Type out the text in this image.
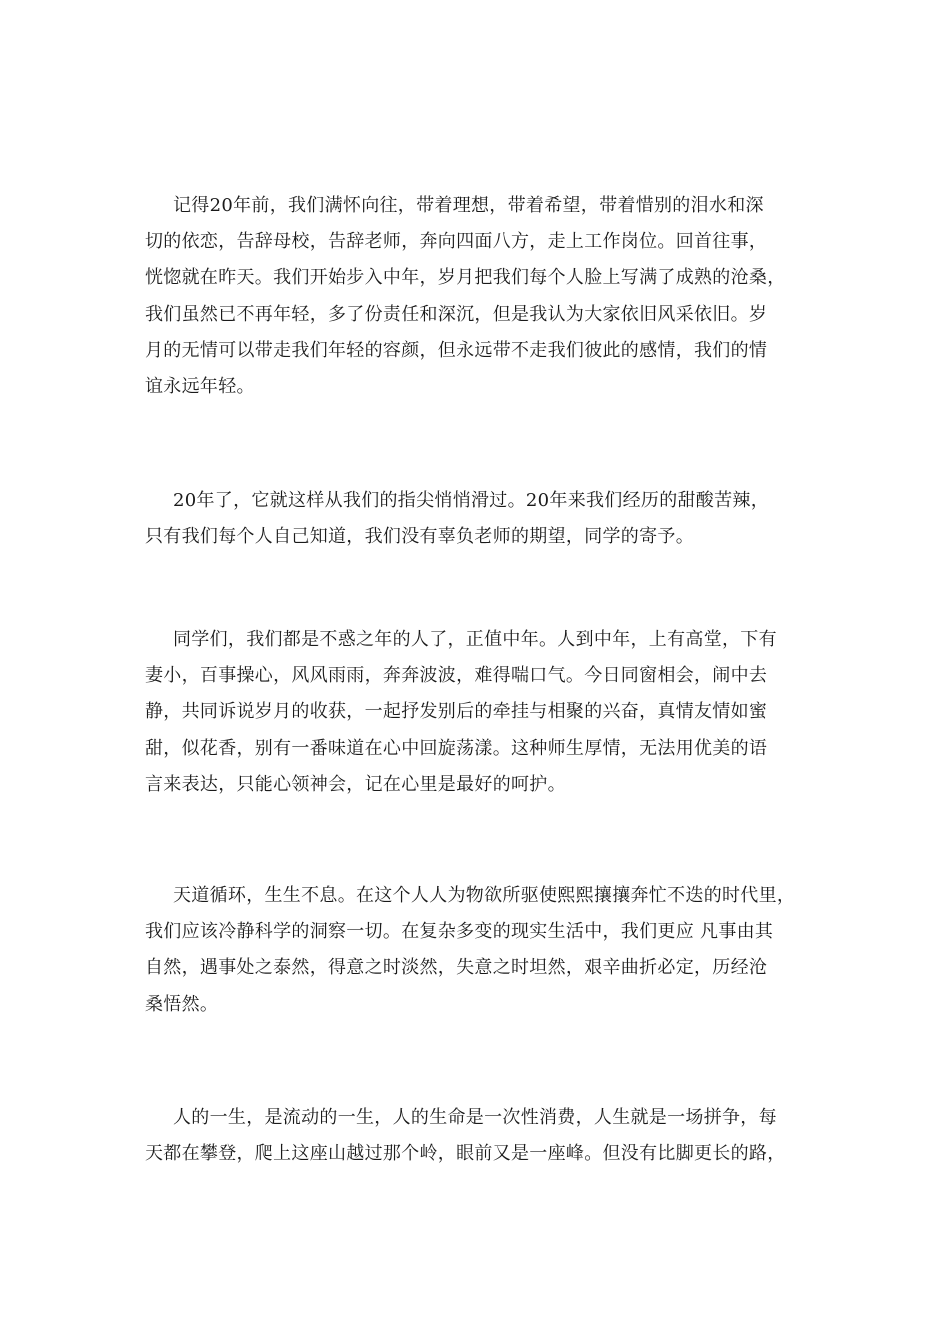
记得20年前，我们满怀向往，带着理想，带着希望，带着惜别的泪水和深
切的依恋，告辞母校，告辞老师，奔向四面八方，走上工作岗位。回首往事，
恍惚就在昨天。我们开始步入中年，岁月把我们每个人脸上写满了成熟的沧桑，
我们虽然已不再年轻，多了份责任和深沉，但是我认为大家依旧风采依旧。岁
月的无情可以带走我们年轻的容颜，但永远带不走我们彼此的感情，我们的情
谊永远年轻。

20年了，它就这样从我们的指尖悄悄滑过。20年来我们经历的甜酸苦辣，
只有我们每个人自己知道，我们没有辜负老师的期望，同学的寄予。

同学们，我们都是不惑之年的人了，正值中年。人到中年，上有高堂，下有
妻小，百事操心，风风雨雨，奔奔波波，难得喘口气。今日同窗相会，闹中去
静，共同诉说岁月的收获，一起抒发别后的牵挂与相聚的兴奋，真情友情如蜜
甜，似花香，别有一番味道在心中回旋荡漾。这种师生厚情，无法用优美的语
言来表达，只能心领神会，记在心里是最好的呵护。

天道循环，生生不息。在这个人人为物欲所驱使熙熙攘攘奔忙不迭的时代里，
我们应该冷静科学的洞察一切。在复杂多变的现实生活中，我们更应 凡事由其
自然，遇事处之泰然，得意之时淡然，失意之时坦然，艰辛曲折必定，历经沧
桑悟然。

人的一生，是流动的一生，人的生命是一次性消费，人生就是一场拼争，每
天都在攀登，爬上这座山越过那个岭，眼前又是一座峰。但没有比脚更长的路，
